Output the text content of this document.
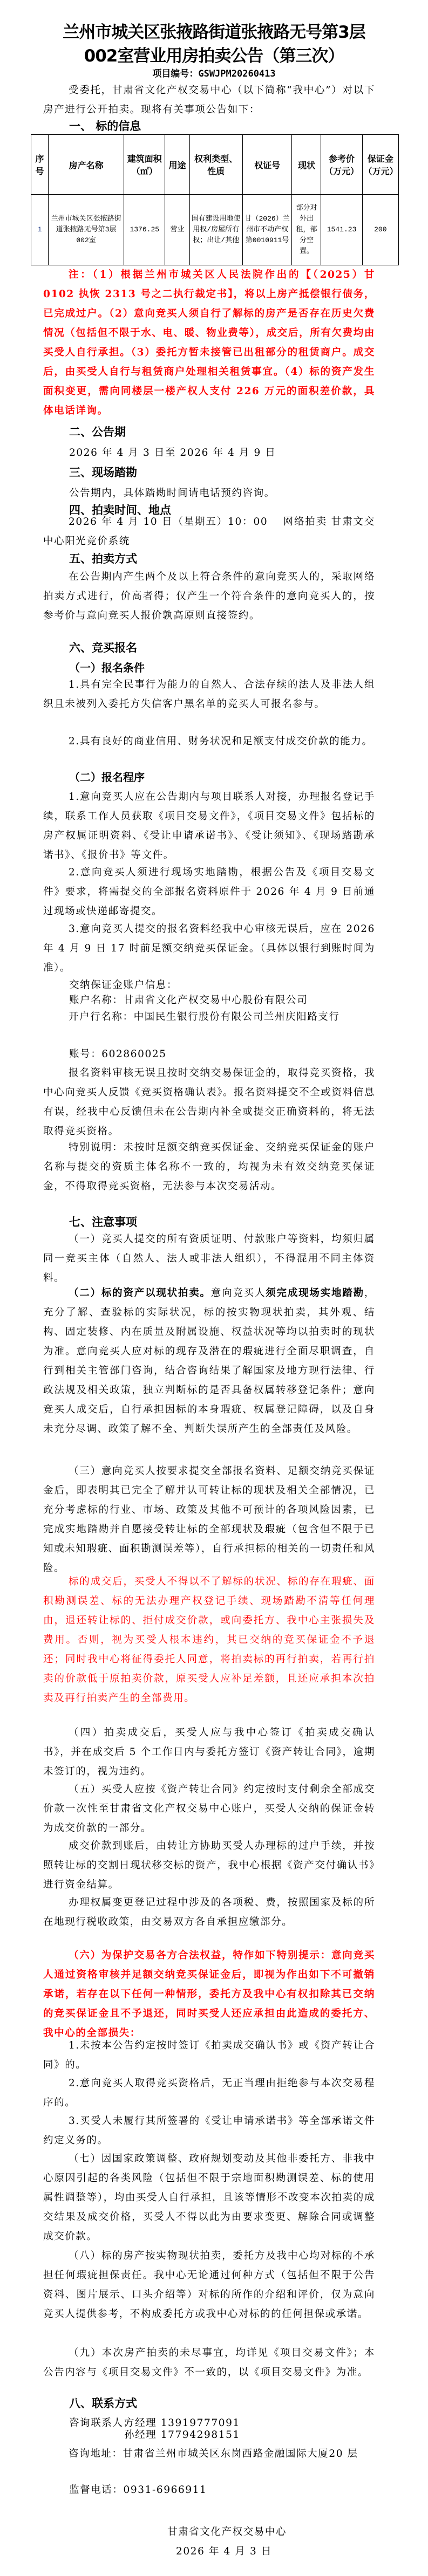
兰州市城关区张掖路街道张掖路无号第3层
002室营业用房拍卖公告（第三次）
项目编号：GSWJPM20260413
受委托，甘肃省文化产权交易中心（以下简称“我中心”）对以下房产进行公开拍卖。现将有关事项公告如下：
一、 标的信息
序号	房产名称	建筑面积（㎡）	用途	权利类型、性质	权证号	现状	参考价（万元）	保证金（万元）
1	兰州市城关区张掖路街道张掖路无号第3层002室	1376.25	营业	国有建设用地使用权/房屋所有权；出让/其他	甘（2026）兰州市不动产权第0010911号	部分对外出租，部分空置。	1541.23	200
注：（1）根据兰州市城关区人民法院作出的【（2025）甘 0102 执恢 2313 号之二执行裁定书】，将以上房产抵偿银行债务，已完成过户。（2）意向竞买人须自行了解标的房产是否存在历史欠费情况（包括但不限于水、电、暖、物业费等），成交后，所有欠费均由买受人自行承担。（3）委托方暂未接管已出租部分的租赁商户。成交后，由买受人自行与租赁商户处理相关租赁事宜。（4）标的资产发生面积变更，需向同楼层一楼产权人支付 226 万元的面积差价款，具体电话详询。
二、公告期
2026 年 4 月 3 日至 2026 年 4 月 9 日
三、现场踏勘
公告期内，具体踏勘时间请电话预约咨询。
四、拍卖时间、地点
2026 年 4 月 10 日（星期五）10：00　 网络拍卖 甘肃文交中心阳光竞价系统
五、拍卖方式
在公告期内产生两个及以上符合条件的意向竞买人的，采取网络拍卖方式进行，价高者得；仅产生一个符合条件的意向竞买人的，按参考价与意向竞买人报价孰高原则直接签约。
六、竞买报名
（一）报名条件
1.具有完全民事行为能力的自然人、合法存续的法人及非法人组织且未被列入委托方失信客户黑名单的竞买人可报名参与。
2.具有良好的商业信用、财务状况和足额支付成交价款的能力。
（二）报名程序
1.意向竞买人应在公告期内与项目联系人对接，办理报名登记手续，联系工作人员获取《项目交易文件》，《项目交易文件》包括标的房产权属证明资料、《受让申请承诺书》、《受让须知》、《现场踏勘承诺书》、《报价书》等文件。
2.意向竞买人须进行现场实地踏勘，根据公告及《项目交易文件》要求，将需提交的全部报名资料原件于 2026 年 4 月 9 日前通过现场或快递邮寄提交。
3.意向竞买人提交的报名资料经我中心审核无误后，应在 2026 年 4 月 9 日 17 时前足额交纳竞买保证金。（具体以银行到账时间为准）。
交纳保证金账户信息：
账户名称：甘肃省文化产权交易中心股份有限公司
开户行名称：中国民生银行股份有限公司兰州庆阳路支行
账号：602860025
报名资料审核无误且按时交纳交易保证金的，取得竞买资格，我中心向竞买人反馈《竞买资格确认表》。报名资料提交不全或资料信息有误，经我中心反馈但未在公告期内补全或提交正确资料的，将无法取得竞买资格。
特别说明：未按时足额交纳竞买保证金、交纳竞买保证金的账户名称与提交的资质主体名称不一致的，均视为未有效交纳竞买保证金，不得取得竞买资格，无法参与本次交易活动。
七、注意事项
（一）竞买人提交的所有资质证明、付款账户等资料，均须归属同一竞买主体（自然人、法人或非法人组织），不得混用不同主体资料。
（二）标的资产以现状拍卖。意向竞买人须完成现场实地踏勘，充分了解、查验标的实际状况，标的按实物现状拍卖，其外观、结构、固定装修、内在质量及附属设施、权益状况等均以拍卖时的现状为准。意向竞买人应对标的现存及潜在的瑕疵进行全面尽职调查，自行到相关主管部门咨询，结合咨询结果了解国家及地方现行法律、行政法规及相关政策，独立判断标的是否具备权属转移登记条件；意向竞买人成交后，自行承担因标的本身瑕疵、权属登记障碍，以及自身未充分尽调、政策了解不全、判断失误所产生的全部责任及风险。
（三）意向竞买人按要求提交全部报名资料、足额交纳竞买保证金后，即表明其已完全了解并认可转让标的现状及相关全部情况，已充分考虑标的行业、市场、政策及其他不可预计的各项风险因素，已完成实地踏勘并自愿接受转让标的全部现状及瑕疵（包含但不限于已知或未知瑕疵、面积勘测误差等），自行承担标的相关的一切责任和风险。
标的成交后，买受人不得以不了解标的状况、标的存在瑕疵、面积勘测误差、标的无法办理产权登记手续、现场踏勘不清等任何理由，退还转让标的、拒付成交价款，或向委托方、我中心主张损失及费用。否则，视为买受人根本违约，其已交纳的竞买保证金不予退还；同时我中心将征得委托人同意，将拍卖标的再行拍卖，若再行拍卖的价款低于原拍卖价款，原买受人应补足差额，且还应承担本次拍卖及再行拍卖产生的全部费用。
（四）拍卖成交后，买受人应与我中心签订《拍卖成交确认书》，并在成交后 5 个工作日内与委托方签订《资产转让合同》，逾期未签订的，视为违约。
（五）买受人应按《资产转让合同》约定按时支付剩余全部成交价款一次性至甘肃省文化产权交易中心账户，买受人交纳的保证金转为成交价款的一部分。
成交价款到账后，由转让方协助买受人办理标的过户手续，并按照转让标的交割日现状移交标的资产，我中心根据《资产交付确认书》进行资金结算。
办理权属变更登记过程中涉及的各项税、费，按照国家及标的所在地现行税收政策，由交易双方各自承担应缴部分。
（六）为保护交易各方合法权益，特作如下特别提示：意向竞买人通过资格审核并足额交纳竞买保证金后，即视为作出如下不可撤销承诺，若存在以下任何一种情形，委托方及我中心有权扣除其已交纳的竞买保证金且不予退还，同时买受人还应承担由此造成的委托方、我中心的全部损失：
1.未按本公告约定按时签订《拍卖成交确认书》或《资产转让合同》的。
2.意向竞买人取得竞买资格后，无正当理由拒绝参与本次交易程序的。
3.买受人未履行其所签署的《受让申请承诺书》等全部承诺文件约定义务的。
（七）因国家政策调整、政府规划变动及其他非委托方、非我中心原因引起的各类风险（包括但不限于宗地面积勘测误差、标的使用属性调整等），均由买受人自行承担，且该等情形不改变本次拍卖的成交结果及成交价格，买受人不得以此为由要求变更、解除合同或调整成交价款。
（八）标的房产按实物现状拍卖，委托方及我中心均对标的不承担任何瑕疵担保责任。我中心无论通过何种方式（包括但不限于公告资料、图片展示、口头介绍等）对标的所作的介绍和评价，仅为意向竞买人提供参考，不构成委托方或我中心对标的的任何担保或承诺。
（九）本次房产拍卖的未尽事宜，均详见《项目交易文件》；本公告内容与《项目交易文件》不一致的，以《项目交易文件》为准。
八、联系方式
咨询联系人：
方经理 13919777091
孙经理 17794298151
咨询地址：甘肃省兰州市城关区东岗西路金融国际大厦20 层
监督电话：0931-6966911
甘肃省文化产权交易中心
2026 年 4 月 3 日
